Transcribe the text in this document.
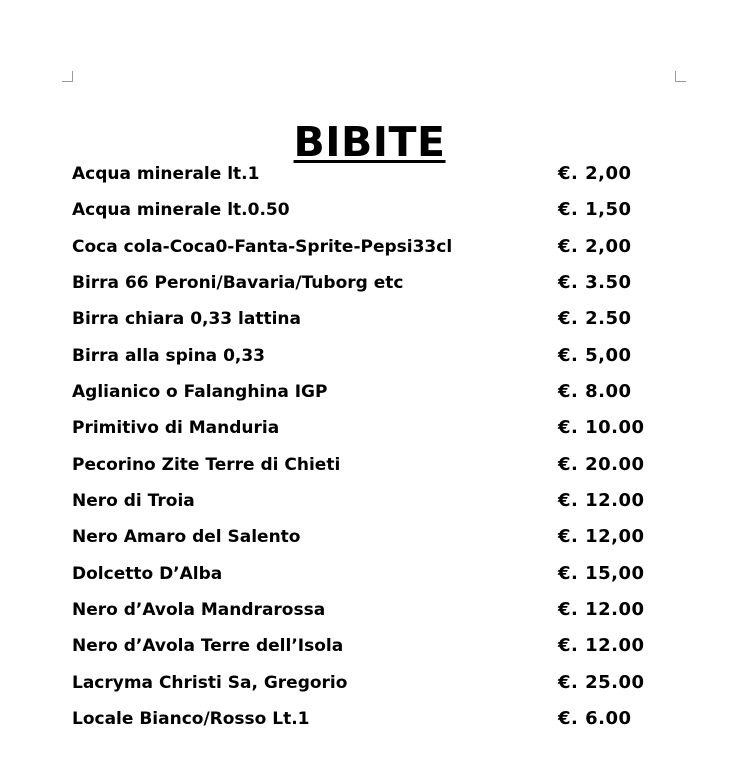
BIBITE
Acqua minerale lt.1	€. 2,00
Acqua minerale lt.0.50	€. 1,50
Coca cola-Coca0-Fanta-Sprite-Pepsi33cl	€. 2,00
Birra 66 Peroni/Bavaria/Tuborg etc	€. 3.50
Birra chiara 0,33 lattina	€. 2.50
Birra alla spina 0,33	€. 5,00
Aglianico o Falanghina IGP	€. 8.00
Primitivo di Manduria	€. 10.00
Pecorino Zite Terre di Chieti	€. 20.00
Nero di Troia	€. 12.00
Nero Amaro del Salento	€. 12,00
Dolcetto D’Alba	€. 15,00
Nero d’Avola Mandrarossa	€. 12.00
Nero d’Avola Terre dell’Isola	€. 12.00
Lacryma Christi Sa, Gregorio	€. 25.00
Locale Bianco/Rosso Lt.1	€. 6.00
